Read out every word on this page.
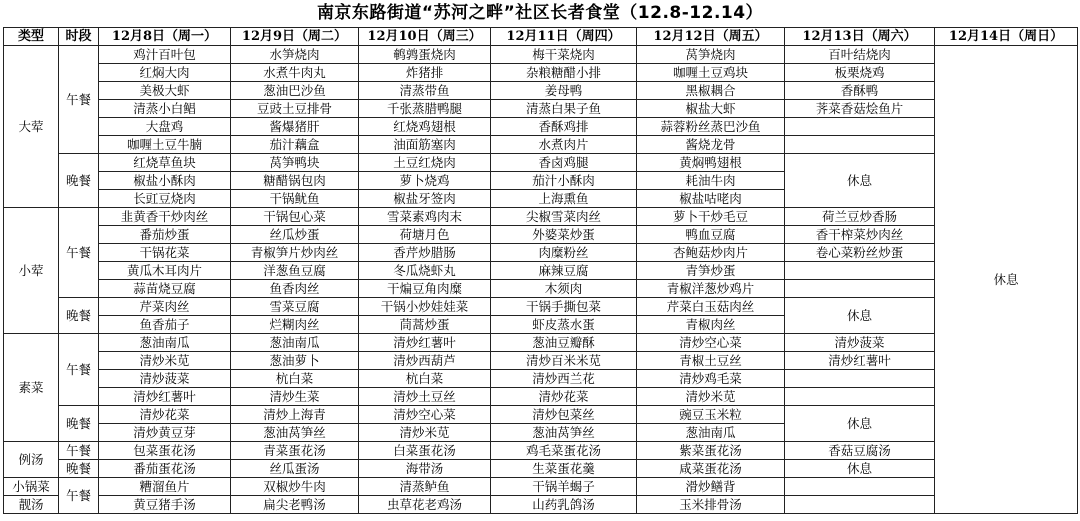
南京东路街道“苏河之畔”社区长者食堂（12.8-12.14）
类型	时段	12月8日（周一）	12月9日（周二）	12月10日（周三）	12月11日（周四）	12月12日（周五）	12月13日（周六）	12月14日（周日）
大荤	午餐	鸡汁百叶包	水笋烧肉	鹌鹑蛋烧肉	梅干菜烧肉	莴笋烧肉	百叶结烧肉	休息
		红焖大肉	水煮牛肉丸	炸猪排	杂粮糖醋小排	咖喱土豆鸡块	板栗烧鸡	
		美极大虾	葱油巴沙鱼	清蒸带鱼	姜母鸭	黑椒耦合	香酥鸭	
		清蒸小白鲳	豆豉土豆排骨	千张蒸腊鸭腿	清蒸白果子鱼	椒盐大虾	荠菜香菇烩鱼片	
		大盘鸡	酱爆猪肝	红烧鸡翅根	香酥鸡排	蒜蓉粉丝蒸巴沙鱼		
		咖喱土豆牛腩	茄汁藕盒	油面筋塞肉	水煮肉片	酱烧龙骨		
	晚餐	红烧草鱼块	莴笋鸭块	土豆红烧肉	香卤鸡腿	黄焖鸭翅根	休息	
		椒盐小酥肉	糖醋锅包肉	萝卜烧鸡	茄汁小酥肉	耗油牛肉		
		长豇豆烧肉	干锅鱿鱼	椒盐牙签肉	上海熏鱼	椒盐咕咾肉		
小荤	午餐	韭黄香干炒肉丝	干锅包心菜	雪菜素鸡肉末	尖椒雪菜肉丝	萝卜干炒毛豆	荷兰豆炒香肠	
		番茄炒蛋	丝瓜炒蛋	荷塘月色	外婆菜炒蛋	鸭血豆腐	香干榨菜炒肉丝	
		干锅花菜	青椒笋片炒肉丝	香芹炒腊肠	肉糜粉丝	杏鲍菇炒肉片	卷心菜粉丝炒蛋	
		黄瓜木耳肉片	洋葱鱼豆腐	冬瓜烧虾丸	麻辣豆腐	青笋炒蛋		
		蒜苗烧豆腐	鱼香肉丝	干煸豆角肉糜	木须肉	青椒洋葱炒鸡片		
	晚餐	芹菜肉丝	雪菜豆腐	干锅小炒娃娃菜	干锅手撕包菜	芹菜白玉菇肉丝	休息	
		鱼香茄子	烂糊肉丝	茼蒿炒蛋	虾皮蒸水蛋	青椒肉丝		
素菜	午餐	葱油南瓜	葱油南瓜	清炒红薯叶	葱油豆瓣酥	清炒空心菜	清炒菠菜	
		清炒米苋	葱油萝卜	清炒西葫芦	清炒百米米苋	青椒土豆丝	清炒红薯叶	
		清炒菠菜	杭白菜	杭白菜	清炒西兰花	清炒鸡毛菜		
		清炒红薯叶	清炒生菜	清炒土豆丝	清炒花菜	清炒米苋		
	晚餐	清炒花菜	清炒上海青	清炒空心菜	清炒包菜丝	豌豆玉米粒	休息	
		清炒黄豆芽	葱油莴笋丝	清炒米苋	葱油莴笋丝	葱油南瓜		
例汤	午餐	包菜蛋花汤	青菜蛋花汤	白菜蛋花汤	鸡毛菜蛋花汤	紫菜蛋花汤	香菇豆腐汤	
	晚餐	番茄蛋花汤	丝瓜蛋汤	海带汤	生菜蛋花羹	咸菜蛋花汤	休息	
小锅菜	午餐	糟溜鱼片	双椒炒牛肉	清蒸鲈鱼	干锅羊蝎子	滑炒鳝背		
靓汤		黄豆猪手汤	扁尖老鸭汤	虫草花老鸡汤	山药乳鸽汤	玉米排骨汤		
